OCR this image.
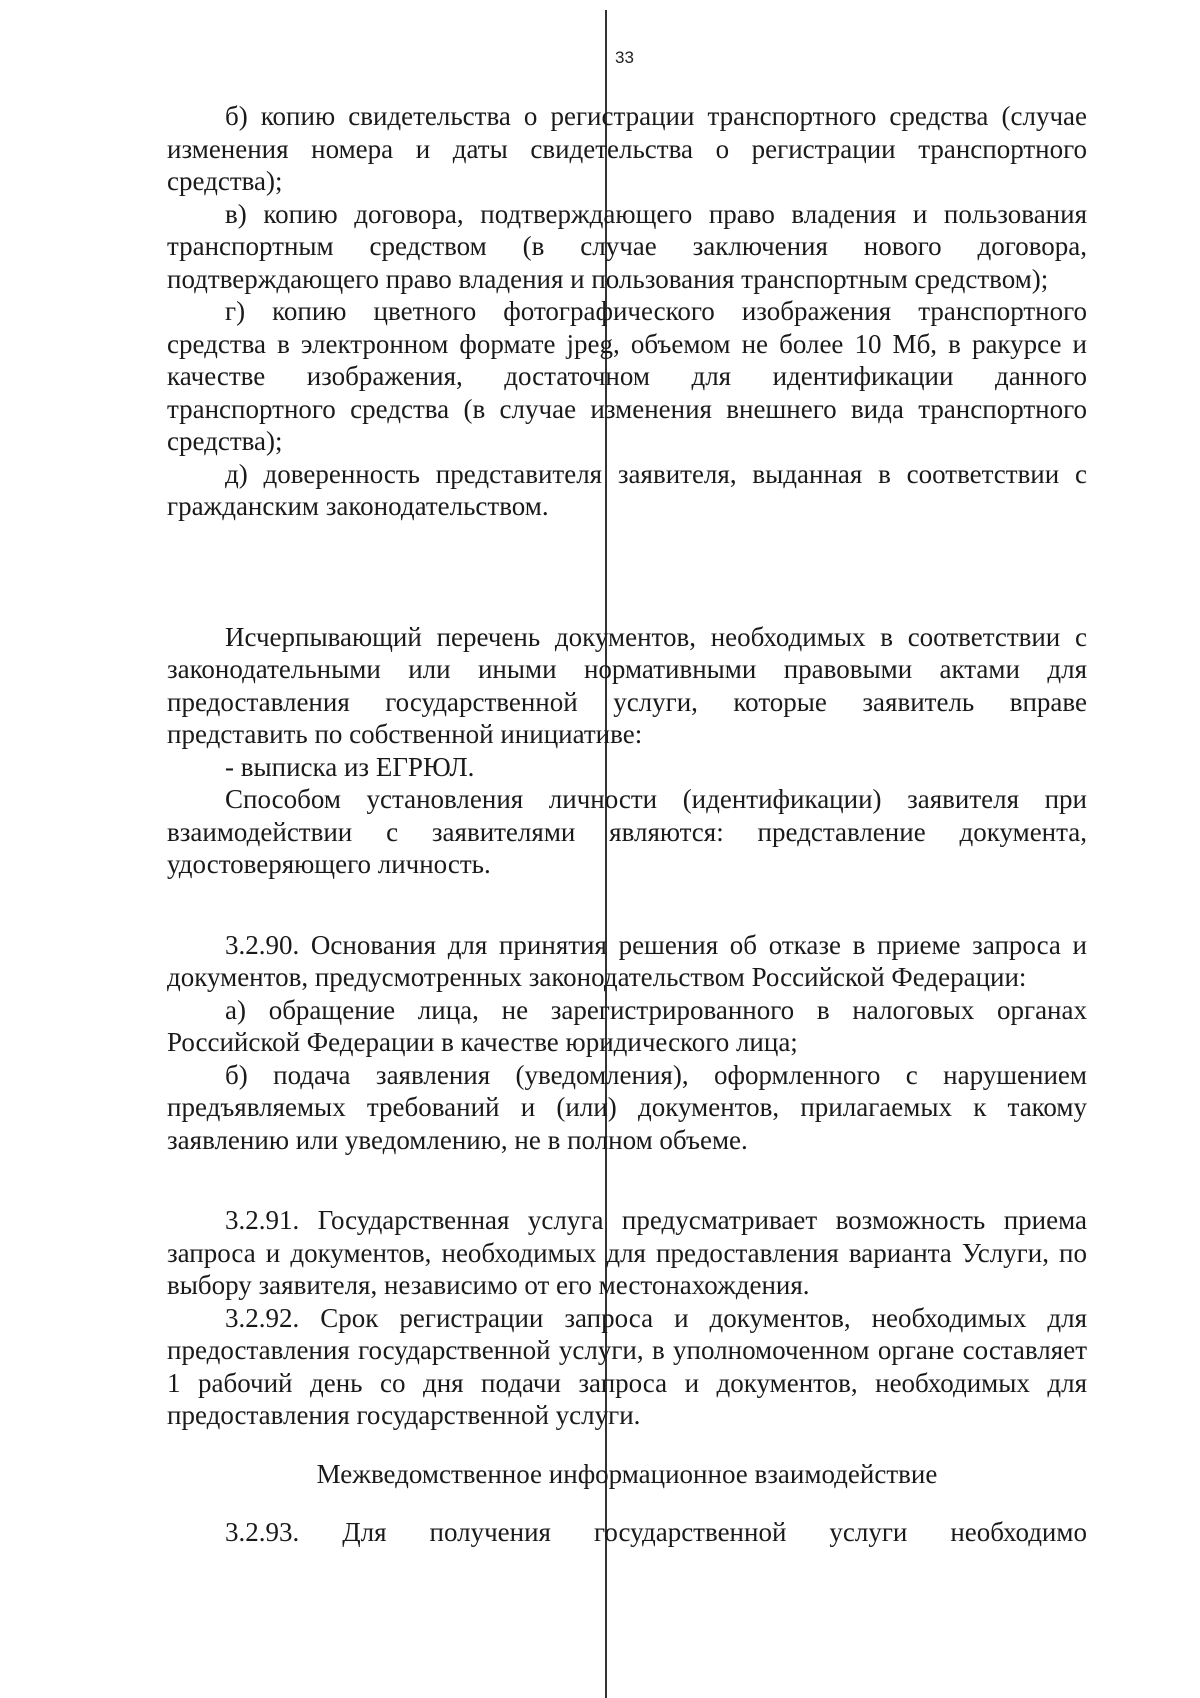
33

б) копию свидетельства о регистрации транспортного средства (случае изменения номера и даты свидетельства о регистрации транспортного средства);

в) копию договора, подтверждающего право владения и пользования транспортным средством (в случае заключения нового договора, подтверждающего право владения и пользования транспортным средством);

г) копию цветного фотографического изображения транспортного средства в электронном формате jpeg, объемом не более 10 Мб, в ракурсе и качестве изображения, достаточном для идентификации данного транспортного средства (в случае изменения внешнего вида транспортного средства);

д) доверенность представителя заявителя, выданная в соответствии с гражданским законодательством.

Исчерпывающий перечень документов, необходимых в соответствии с законодательными или иными нормативными правовыми актами для предоставления государственной услуги, которые заявитель вправе представить по собственной инициативе:

- выписка из ЕГРЮЛ.

Способом установления личности (идентификации) заявителя при взаимодействии с заявителями являются: представление документа, удостоверяющего личность.

3.2.90. Основания для принятия решения об отказе в приеме запроса и документов, предусмотренных законодательством Российской Федерации:

а) обращение лица, не зарегистрированного в налоговых органах Российской Федерации в качестве юридического лица;

б) подача заявления (уведомления), оформленного с нарушением предъявляемых требований и (или) документов, прилагаемых к такому заявлению или уведомлению, не в полном объеме.

3.2.91. Государственная услуга предусматривает возможность приема запроса и документов, необходимых для предоставления варианта Услуги, по выбору заявителя, независимо от его местонахождения.

3.2.92. Срок регистрации запроса и документов, необходимых для предоставления государственной услуги, в уполномоченном органе составляет 1 рабочий день со дня подачи запроса и документов, необходимых для предоставления государственной услуги.

Межведомственное информационное взаимодействие

3.2.93. Для получения государственной услуги необходимо
